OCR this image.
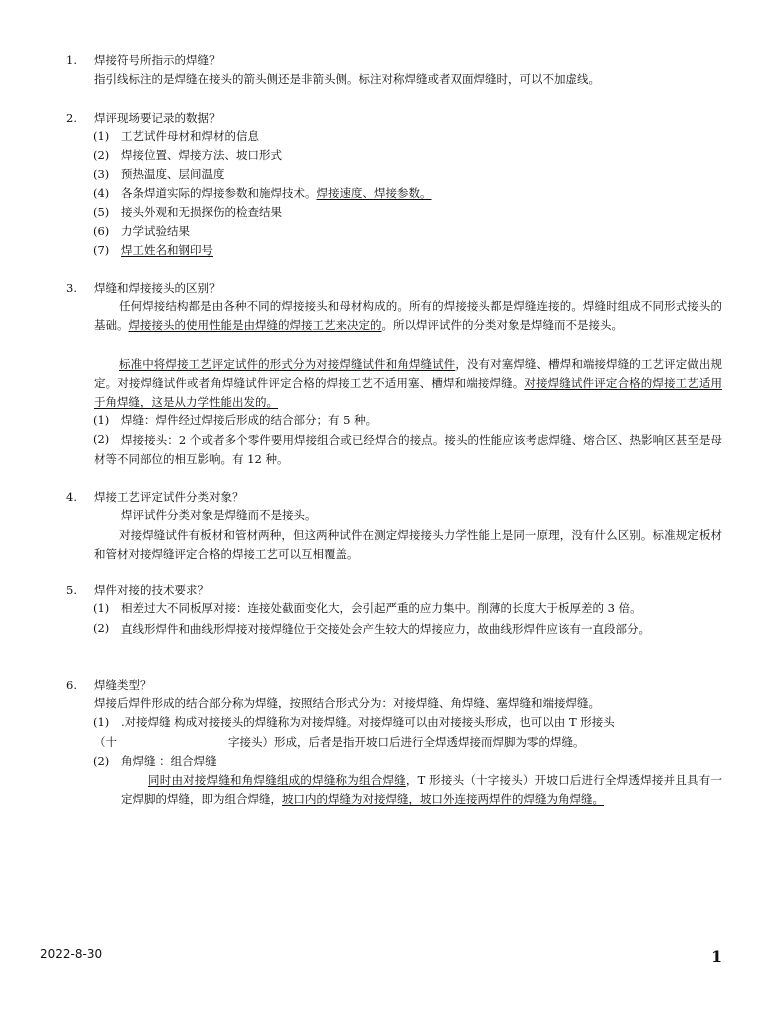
1. 焊接符号所指示的焊缝？
指引线标注的是焊缝在接头的箭头侧还是非箭头侧。标注对称焊缝或者双面焊缝时，可以不加虚线。
2. 焊评现场要记录的数据？
(1) 工艺试件母材和焊材的信息
(2) 焊接位置、焊接方法、坡口形式
(3) 预热温度、层间温度
(4) 各条焊道实际的焊接参数和施焊技术。焊接速度、焊接参数。
(5) 接头外观和无损探伤的检查结果
(6) 力学试验结果
(7) 焊工姓名和钢印号
3. 焊缝和焊接接头的区别？
任何焊接结构都是由各种不同的焊接接头和母材构成的。所有的焊接接头都是焊缝连接的。焊缝时组成不同形式接头的基础。焊接接头的使用性能是由焊缝的焊接工艺来决定的。所以焊评试件的分类对象是焊缝而不是接头。
标准中将焊接工艺评定试件的形式分为对接焊缝试件和角焊缝试件，没有对塞焊缝、槽焊和端接焊缝的工艺评定做出规定。对接焊缝试件或者角焊缝试件评定合格的焊接工艺不适用塞、槽焊和端接焊缝。对接焊缝试件评定合格的焊接工艺适用于角焊缝，这是从力学性能出发的。
(1) 焊缝：焊件经过焊接后形成的结合部分；有 5 种。
(2)	焊接接头：2 个或者多个零件要用焊接组合或已经焊合的接点。接头的性能应该考虑焊缝、熔合区、热影响区甚至是母材等不同部位的相互影响。有 12 种。
4. 焊接工艺评定试件分类对象？
焊评试件分类对象是焊缝而不是接头。
对接焊缝试件有板材和管材两种，但这两种试件在测定焊接接头力学性能上是同一原理，没有什么区别。标准规定板材和管材对接焊缝评定合格的焊接工艺可以互相覆盖。
5. 焊件对接的技术要求？
(1) 相差过大不同板厚对接：连接处截面变化大，会引起严重的应力集中。削薄的长度大于板厚差的 3 倍。
(2)	直线形焊件和曲线形焊接对接焊缝位于交接处会产生较大的焊接应力，故曲线形焊件应该有一直段部分。
6. 焊缝类型？
焊接后焊件形成的结合部分称为焊缝，按照结合形式分为：对接焊缝、角焊缝、塞焊缝和端接焊缝。
(1) .对接焊缝 构成对接接头的焊缝称为对接焊缝。对接焊缝可以由对接接头形成，也可以由 T 形接头
（十	字接头）形成，后者是指开坡口后进行全焊透焊接而焊脚为零的焊缝。
(2) 角焊缝 ：组合焊缝
同时由对接焊缝和角焊缝组成的焊缝称为组合焊缝，T 形接头（十字接头）开坡口后进行全焊透焊接并且具有一定焊脚的焊缝，即为组合焊缝，坡口内的焊缝为对接焊缝，坡口外连接两焊件的焊缝为角焊缝。
2022-8-30	1
